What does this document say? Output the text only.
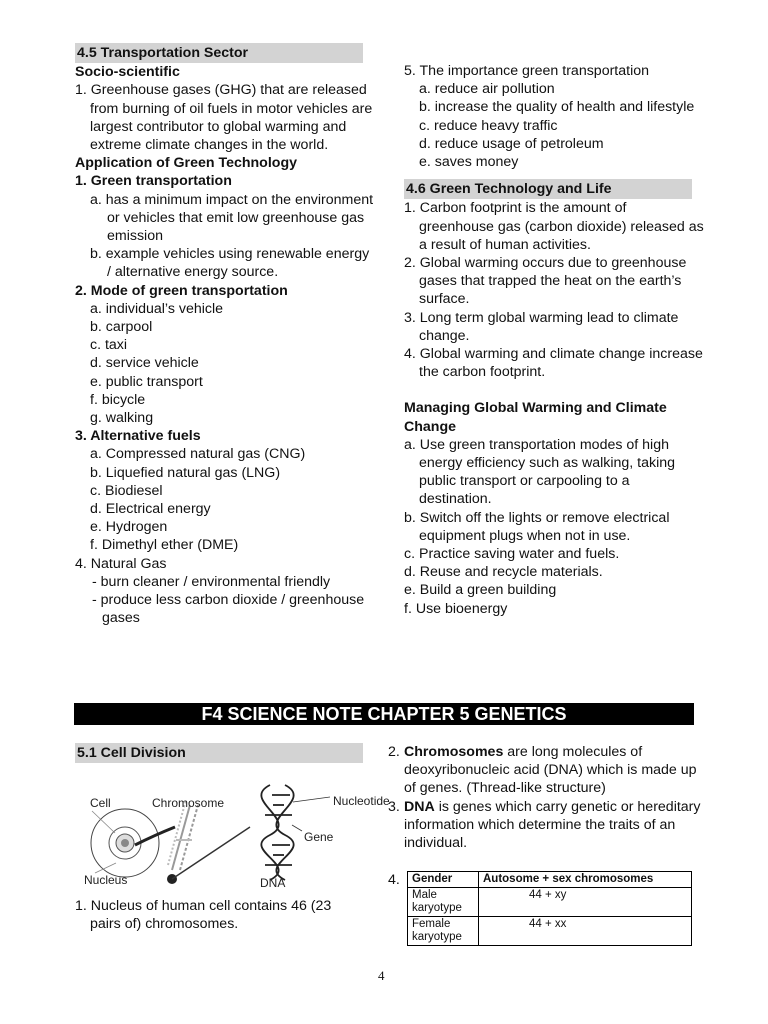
4.5 Transportation Sector
Socio-scientific
1. Greenhouse gases (GHG) that are released from burning of oil fuels in motor vehicles are largest contributor to global warming and extreme climate changes in the world.
Application of Green Technology
1. Green transportation
a. has a minimum impact on the environment or vehicles that emit low greenhouse gas emission
b. example vehicles using renewable energy / alternative energy source.
2. Mode of green transportation
a. individual’s vehicle
b. carpool
c. taxi
d. service vehicle
e. public transport
f. bicycle
g. walking
3. Alternative fuels
a. Compressed natural gas (CNG)
b. Liquefied natural gas (LNG)
c. Biodiesel
d. Electrical energy
e. Hydrogen
f. Dimethyl ether (DME)
4. Natural Gas
- burn cleaner / environmental friendly
- produce less carbon dioxide / greenhouse gases
5. The importance green transportation
a. reduce air pollution
b. increase the quality of health and lifestyle
c. reduce heavy traffic
d. reduce usage of petroleum
e. saves money
4.6 Green Technology and Life
1. Carbon footprint is the amount of greenhouse gas (carbon dioxide) released as a result of human activities.
2. Global warming occurs due to greenhouse gases that trapped the heat on the earth’s surface.
3. Long term global warming lead to climate change.
4. Global warming and climate change increase the carbon footprint.
Managing Global Warming and Climate Change
a. Use green transportation modes of high energy efficiency such as walking, taking public transport or carpooling to a destination.
b. Switch off the lights or remove electrical equipment plugs when not in use.
c. Practice saving water and fuels.
d. Reuse and recycle materials.
e. Build a green building
f. Use bioenergy
F4 SCIENCE NOTE CHAPTER 5 GENETICS
5.1 Cell Division
Cell	Chromosome	Nucleotide
Gene
Nucleus	DNA
1. Nucleus of human cell contains 46 (23 pairs of) chromosomes.
2. Chromosomes are long molecules of deoxyribonucleic acid (DNA) which is made up of genes. (Thread-like structure)
3. DNA is genes which carry genetic or hereditary information which determine the traits of an individual.
4. Gender	Autosome + sex chromosomes
Male karyotype	44 + xy
Female karyotype	44 + xx
4
